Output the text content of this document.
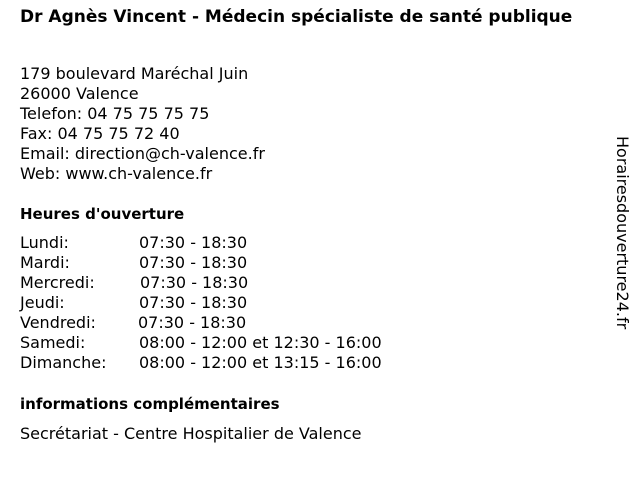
Dr Agnès Vincent - Médecin spécialiste de santé publique
179 boulevard Maréchal Juin
26000 Valence
Telefon: 04 75 75 75 75
Fax: 04 75 75 72 40
Email: direction@ch-valence.fr
Web: www.ch-valence.fr
Heures d'ouverture
Lundi:	07:30 - 18:30
Mardi:	07:30 - 18:30
Mercredi:	07:30 - 18:30
Jeudi:	07:30 - 18:30
Vendredi:	07:30 - 18:30
Samedi:	08:00 - 12:00 et 12:30 - 16:00
Dimanche: 08:00 - 12:00 et 13:15 - 16:00
informations complémentaires
Secrétariat - Centre Hospitalier de Valence
Horairesdouverture24.fr
